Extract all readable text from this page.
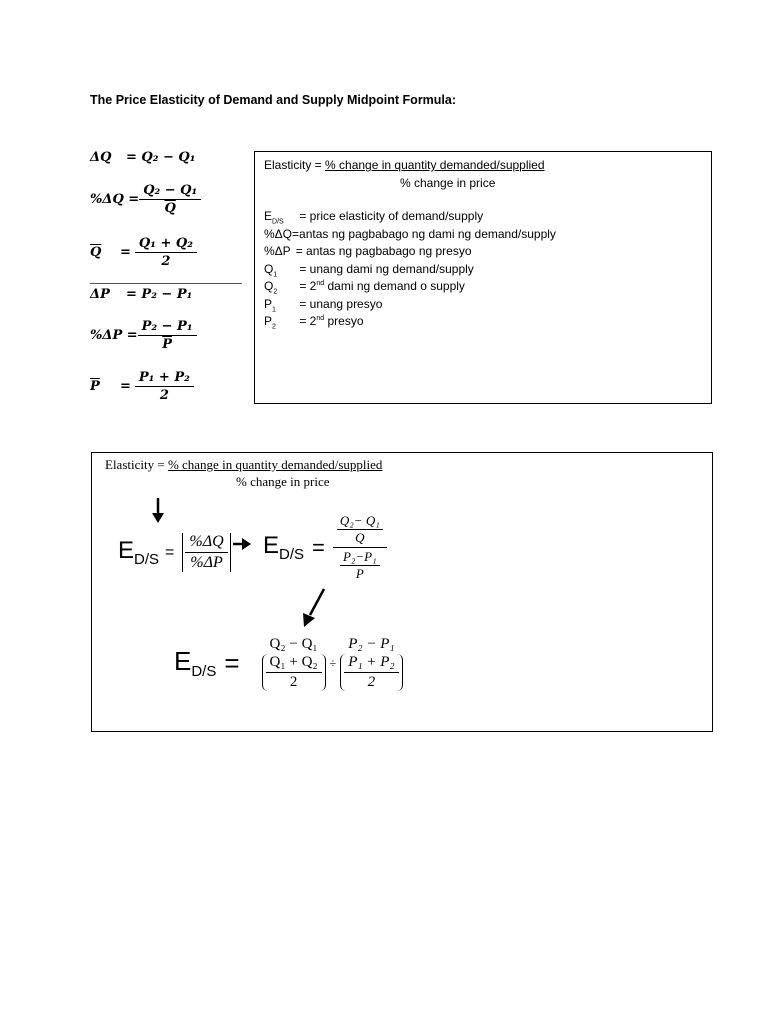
The Price Elasticity of Demand and Supply Midpoint Formula:
ΔQ	= Q₂ − Q₁
$\%\Delta Q = \frac{\text{Q₂ − Q₁}}{Q}$
$\overline{Q}$	= $\frac{\text{Q₁ + Q₂}}{2}$
ΔP	= P₂ − P₁
$\%\Delta P = \frac{\text{P₂ − P₁}}{P}$
$\overline{P}$	= $\frac{\text{P₁ + P₂}}{2}$
Elasticity = % change in quantity demanded/supplied
% change in price
$E_{D/S}$ = price elasticity of demand/supply
%ΔQ=antas ng pagbabago ng dami ng demand/supply
%ΔP = antas ng pagbabago ng presyo
$Q_1$ = unang dami ng demand/supply
$Q_2 = 2nd$ dami ng demand o supply
$P_1$ = unang presyo
$P_2 = 2nd$ presyo
Elasticity = % change in quantity demanded/supplied
% change in price
$E_{D/S} = \frac{\%\Delta Q}{\%\Delta P} E_{D/S} = Q_2- Q_1$
$\overline{Q}$
P₂−P₁
$\overline{P}$
$E_{D/S}$ =
Q₂ − Q₁
$\frac{\text{Q₁ + Q₂}}{2}$ ÷
P₂ − P₁
$\frac{\text{P₁ + P₂}}{2}$
